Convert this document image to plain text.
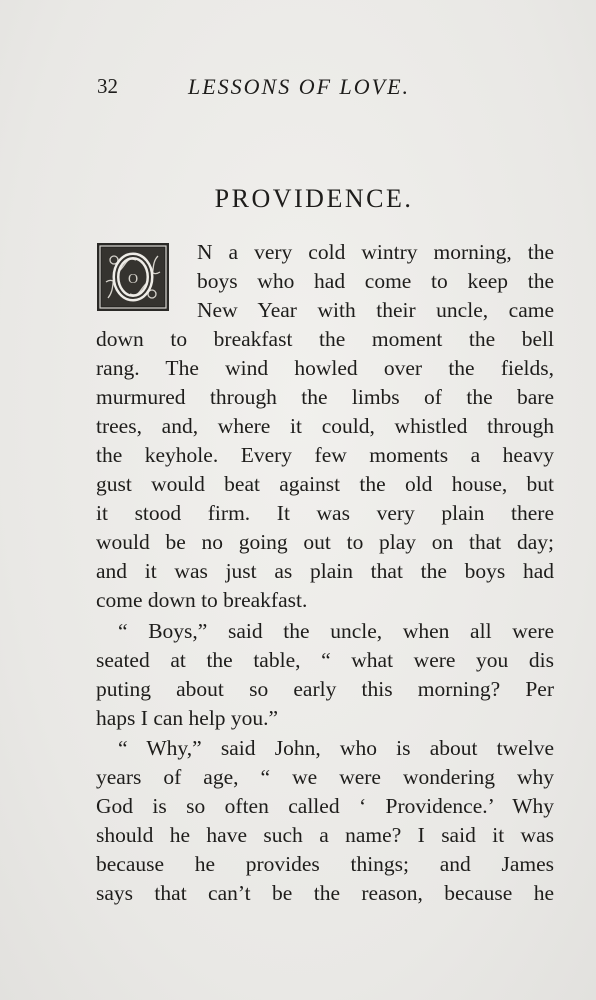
32	LESSONS OF LOVE.
PROVIDENCE.
O
N a very cold wintry morning, the
boys who had come to keep the
New Year with their uncle, came
down to breakfast the moment the bell
rang. The wind howled over the fields,
murmured through the limbs of the bare
trees, and, where it could, whistled through
the keyhole. Every few moments a heavy
gust would beat against the old house, but
it stood firm. It was very plain there
would be no going out to play on that day;
and it was just as plain that the boys had
come down to breakfast.
“ Boys,” said the uncle, when all were
seated at the table, “ what were you dis
puting about so early this morning? Per
haps I can help you.”
“ Why,” said John, who is about twelve
years of age, “ we were wondering why
God is so often called ‘ Providence.’ Why
should he have such a name? I said it was
because he provides things; and James
says that can’t be the reason, because he
